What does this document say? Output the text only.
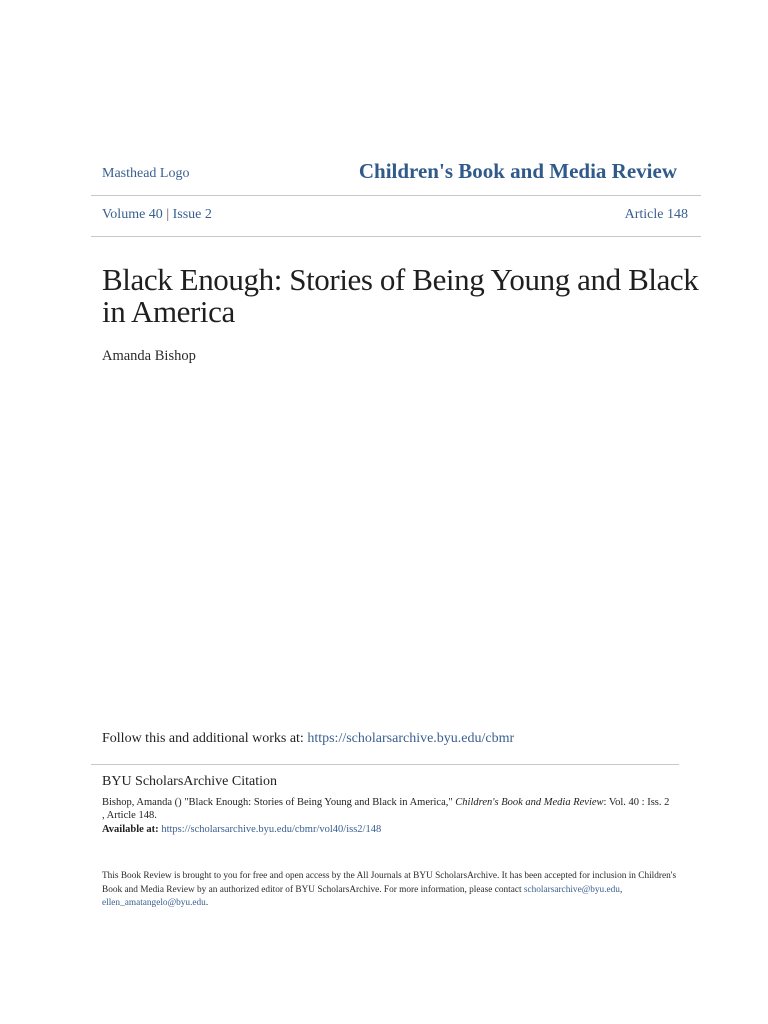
Masthead Logo	Children's Book and Media Review
Volume 40 | Issue 2	Article 148
Black Enough: Stories of Being Young and Black in America
Amanda Bishop
Follow this and additional works at: https://scholarsarchive.byu.edu/cbmr
BYU ScholarsArchive Citation
Bishop, Amanda () "Black Enough: Stories of Being Young and Black in America," Children's Book and Media Review: Vol. 40 : Iss. 2 , Article 148.
Available at: https://scholarsarchive.byu.edu/cbmr/vol40/iss2/148
This Book Review is brought to you for free and open access by the All Journals at BYU ScholarsArchive. It has been accepted for inclusion in Children's Book and Media Review by an authorized editor of BYU ScholarsArchive. For more information, please contact scholarsarchive@byu.edu, ellen_amatangelo@byu.edu.
